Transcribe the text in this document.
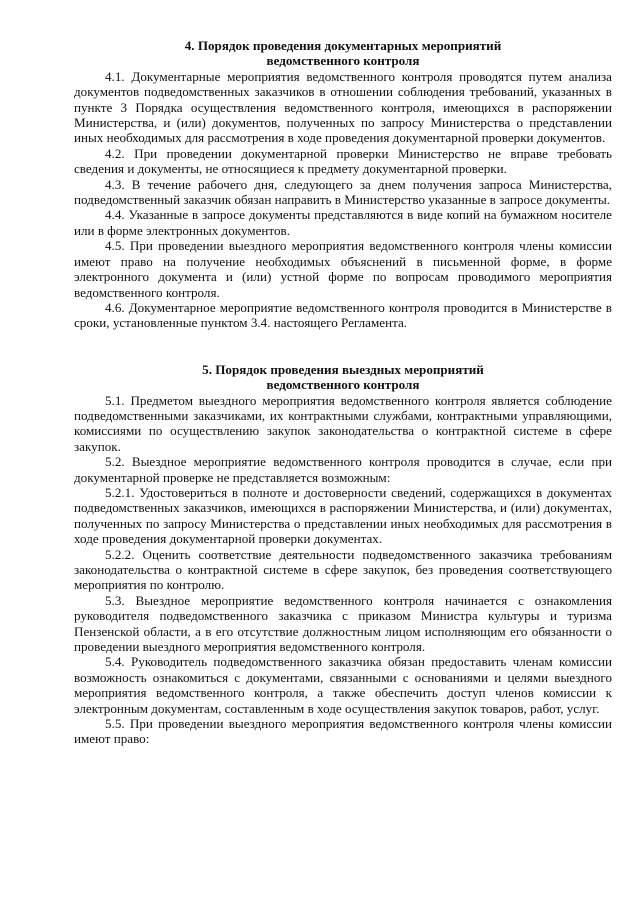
4. Порядок проведения документарных мероприятий
ведомственного контроля

4.1. Документарные мероприятия ведомственного контроля проводятся путем анализа документов подведомственных заказчиков в отношении соблюдения требований, указанных в пункте 3 Порядка осуществления ведомственного контроля, имеющихся в распоряжении Министерства, и (или) документов, полученных по запросу Министерства о представлении иных необходимых для рассмотрения в ходе проведения документарной проверки документов.

4.2. При проведении документарной проверки Министерство не вправе требовать сведения и документы, не относящиеся к предмету документарной проверки.

4.3. В течение рабочего дня, следующего за днем получения запроса Министерства, подведомственный заказчик обязан направить в Министерство указанные в запросе документы.

4.4. Указанные в запросе документы представляются в виде копий на бумажном носителе или в форме электронных документов.

4.5. При проведении выездного мероприятия ведомственного контроля члены комиссии имеют право на получение необходимых объяснений в письменной форме, в форме электронного документа и (или) устной форме по вопросам проводимого мероприятия ведомственного контроля.

4.6. Документарное мероприятие ведомственного контроля проводится в Министерстве в сроки, установленные пунктом 3.4. настоящего Регламента.

5. Порядок проведения выездных мероприятий
ведомственного контроля

5.1. Предметом выездного мероприятия ведомственного контроля является соблюдение подведомственными заказчиками, их контрактными службами, контрактными управляющими, комиссиями по осуществлению закупок законодательства о контрактной системе в сфере закупок.

5.2. Выездное мероприятие ведомственного контроля проводится в случае, если при документарной проверке не представляется возможным:

5.2.1. Удостовериться в полноте и достоверности сведений, содержащихся в документах подведомственных заказчиков, имеющихся в распоряжении Министерства, и (или) документах, полученных по запросу Министерства о представлении иных необходимых для рассмотрения в ходе проведения документарной проверки документах.

5.2.2. Оценить соответствие деятельности подведомственного заказчика требованиям законодательства о контрактной системе в сфере закупок, без проведения соответствующего мероприятия по контролю.

5.3. Выездное мероприятие ведомственного контроля начинается с ознакомления руководителя подведомственного заказчика с приказом Министра культуры и туризма Пензенской области, а в его отсутствие должностным лицом исполняющим его обязанности о проведении выездного мероприятия ведомственного контроля.

5.4. Руководитель подведомственного заказчика обязан предоставить членам комиссии возможность ознакомиться с документами, связанными с основаниями и целями выездного мероприятия ведомственного контроля, а также обеспечить доступ членов комиссии к электронным документам, составленным в ходе осуществления закупок товаров, работ, услуг.

5.5. При проведении выездного мероприятия ведомственного контроля члены комиссии имеют право:
